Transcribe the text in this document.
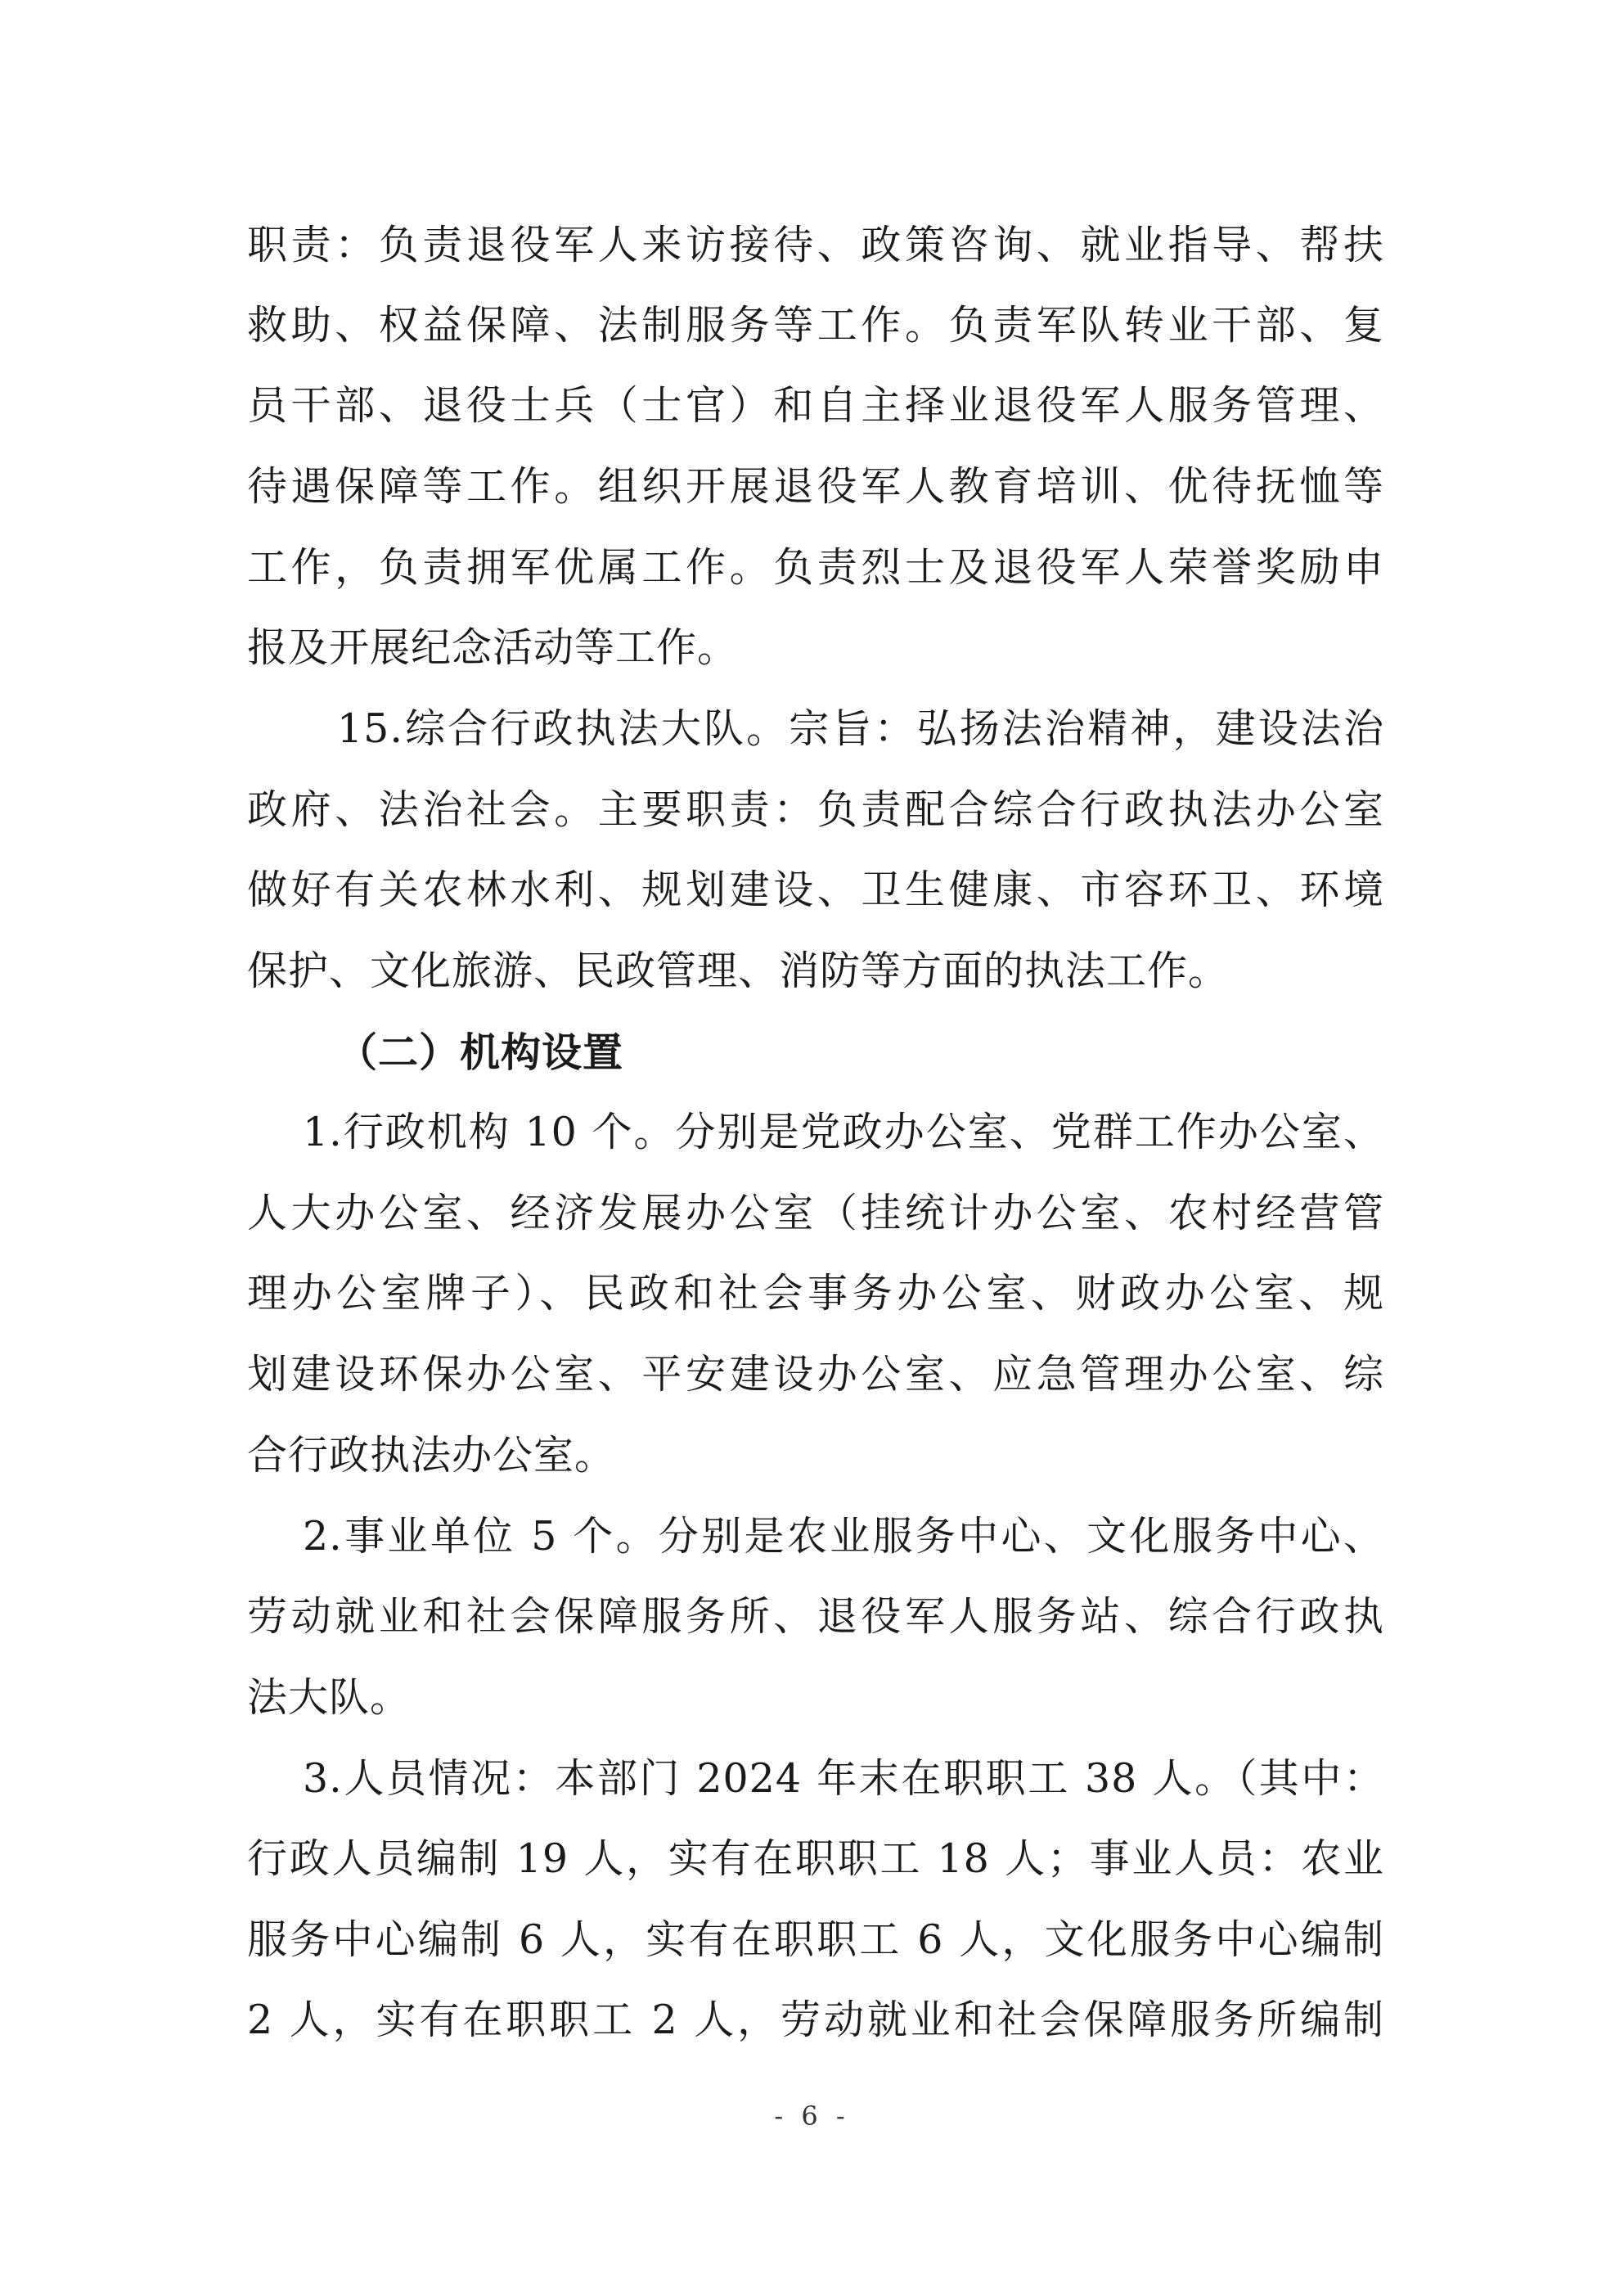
职责：负责退役军人来访接待、政策咨询、就业指导、帮扶
救助、权益保障、法制服务等工作。负责军队转业干部、复
员干部、退役士兵（士官）和自主择业退役军人服务管理、
待遇保障等工作。组织开展退役军人教育培训、优待抚恤等
工作，负责拥军优属工作。负责烈士及退役军人荣誉奖励申
报及开展纪念活动等工作。
15.综合行政执法大队。宗旨：弘扬法治精神，建设法治
政府、法治社会。主要职责：负责配合综合行政执法办公室
做好有关农林水利、规划建设、卫生健康、市容环卫、环境
保护、文化旅游、民政管理、消防等方面的执法工作。
（二）机构设置
1.行政机构 10 个。分别是党政办公室、党群工作办公室、
人大办公室、经济发展办公室（挂统计办公室、农村经营管
理办公室牌子）、民政和社会事务办公室、财政办公室、规
划建设环保办公室、平安建设办公室、应急管理办公室、综
合行政执法办公室。
2.事业单位 5 个。分别是农业服务中心、文化服务中心、
劳动就业和社会保障服务所、退役军人服务站、综合行政执
法大队。
3.人员情况：本部门 2024 年末在职职工 38 人。（其中：
行政人员编制 19 人，实有在职职工 18 人；事业人员：农业
服务中心编制 6 人，实有在职职工 6 人，文化服务中心编制
2 人，实有在职职工 2 人，劳动就业和社会保障服务所编制
- 6 -
